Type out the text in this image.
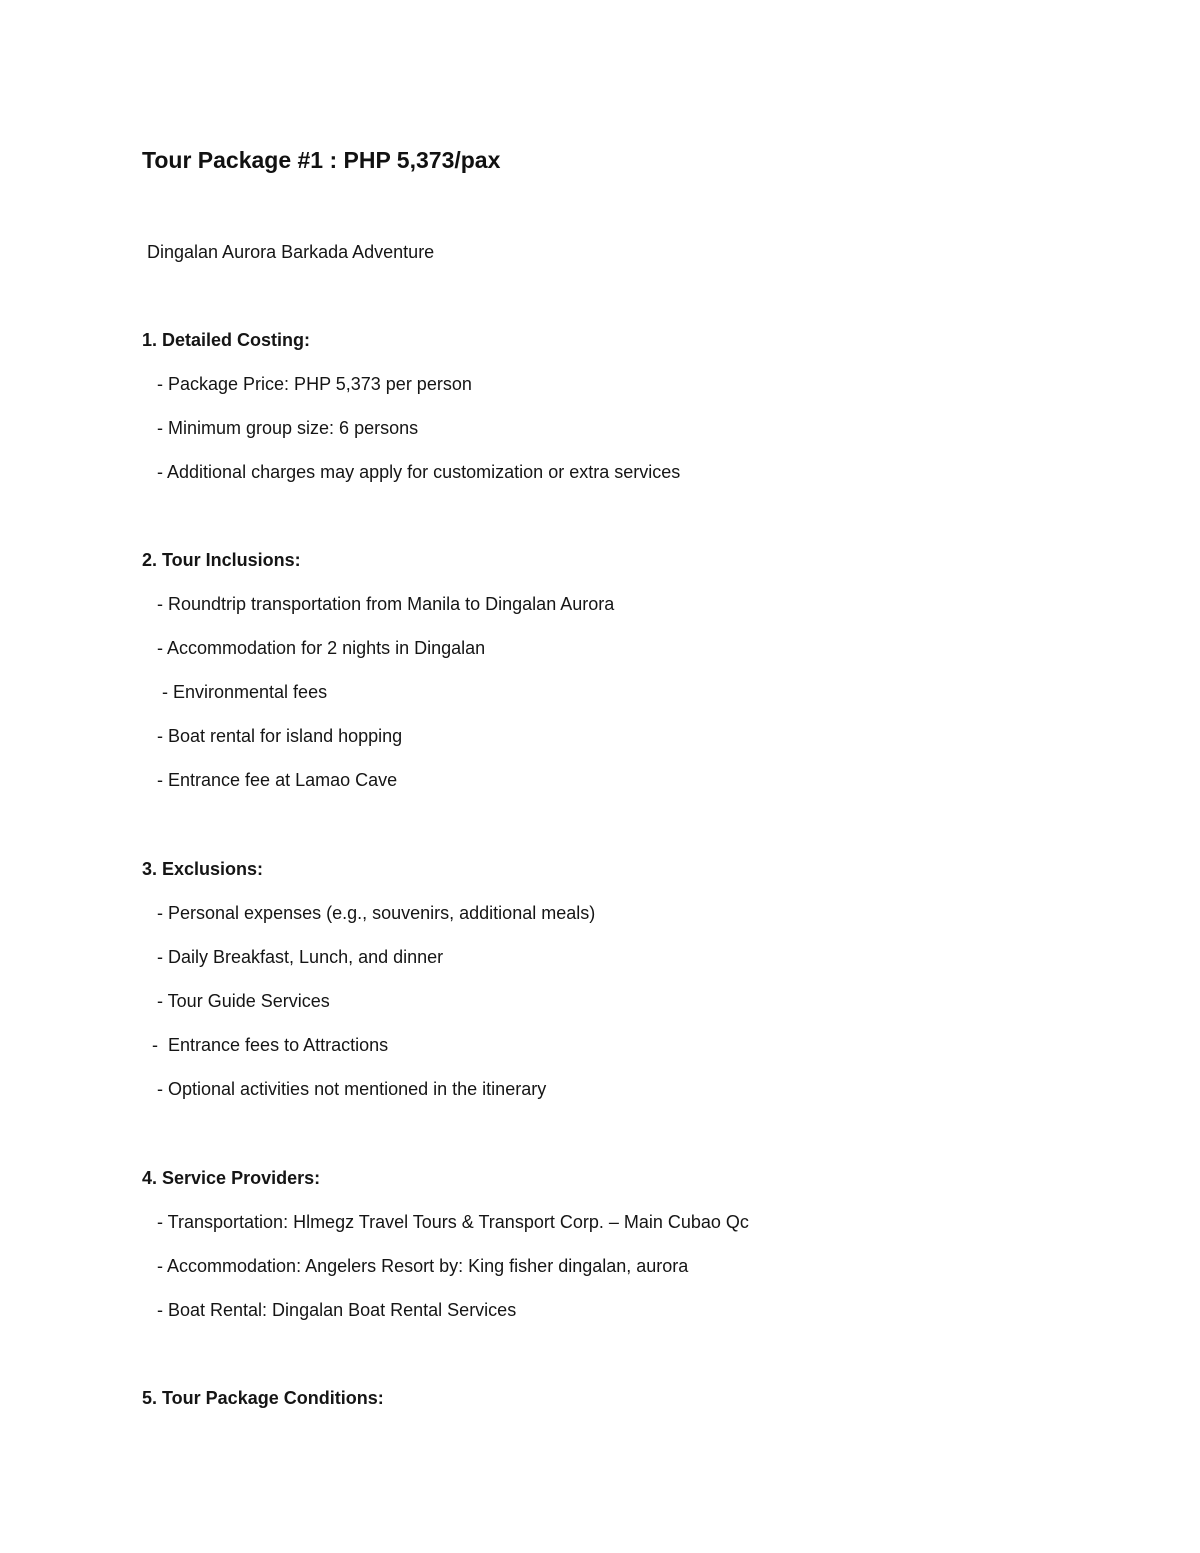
Tour Package #1 : PHP 5,373/pax
Dingalan Aurora Barkada Adventure
1. Detailed Costing:
- Package Price: PHP 5,373 per person
- Minimum group size: 6 persons
- Additional charges may apply for customization or extra services
2. Tour Inclusions:
- Roundtrip transportation from Manila to Dingalan Aurora
- Accommodation for 2 nights in Dingalan
- Environmental fees
- Boat rental for island hopping
- Entrance fee at Lamao Cave
3. Exclusions:
- Personal expenses (e.g., souvenirs, additional meals)
- Daily Breakfast, Lunch, and dinner
- Tour Guide Services
-  Entrance fees to Attractions
- Optional activities not mentioned in the itinerary
4. Service Providers:
- Transportation: Hlmegz Travel Tours & Transport Corp. – Main Cubao Qc
- Accommodation: Angelers Resort by: King fisher dingalan, aurora
- Boat Rental: Dingalan Boat Rental Services
5. Tour Package Conditions:
